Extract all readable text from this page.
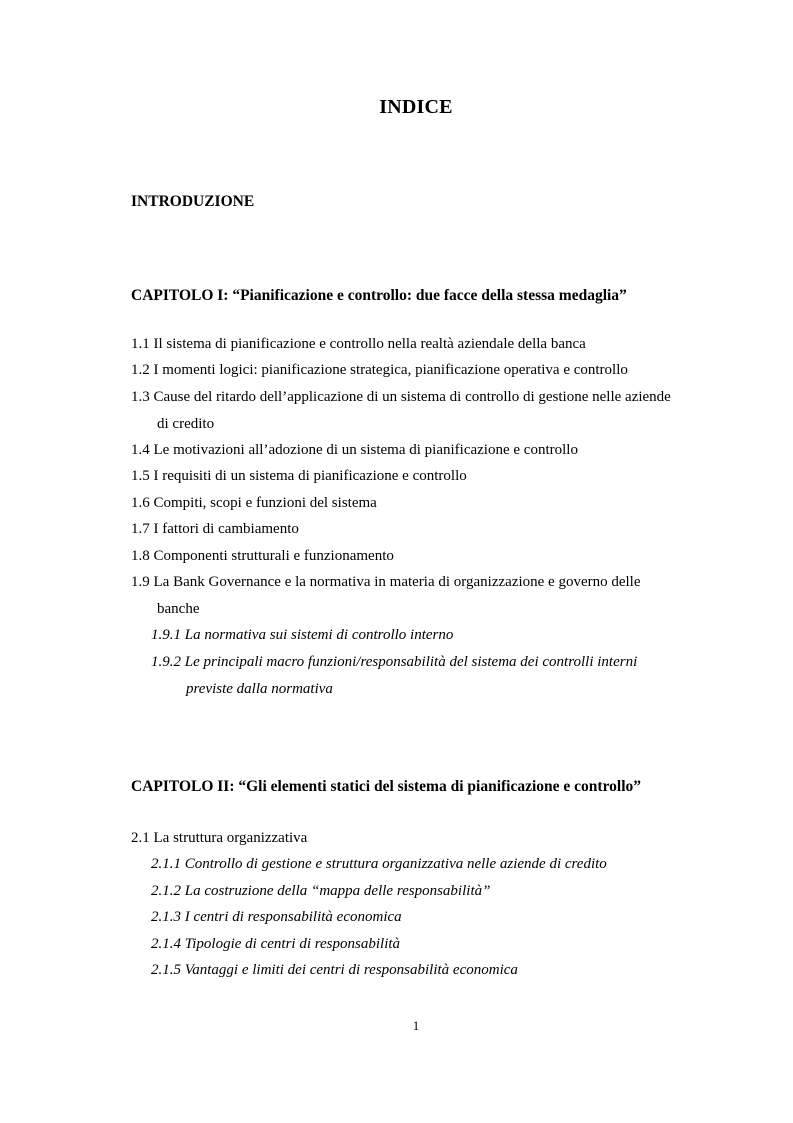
INDICE
INTRODUZIONE
CAPITOLO I: “Pianificazione e controllo: due facce della stessa medaglia”
1.1 Il sistema di pianificazione e controllo nella realtà aziendale della banca
1.2 I momenti logici: pianificazione strategica, pianificazione operativa e controllo
1.3 Cause del ritardo dell’applicazione di un sistema di controllo di gestione nelle aziende
di credito
1.4 Le motivazioni all’adozione di un sistema di pianificazione e controllo
1.5 I requisiti di un sistema di pianificazione e controllo
1.6 Compiti, scopi e funzioni del sistema
1.7 I fattori di cambiamento
1.8 Componenti strutturali e funzionamento
1.9 La Bank Governance e la normativa in materia di organizzazione e governo delle
banche
1.9.1 La normativa sui sistemi di controllo interno
1.9.2 Le principali macro funzioni/responsabilità del sistema dei controlli interni
previste dalla normativa
CAPITOLO II: “Gli elementi statici del sistema di pianificazione e controllo”
2.1 La struttura organizzativa
2.1.1 Controllo di gestione e struttura organizzativa nelle aziende di credito
2.1.2 La costruzione della “mappa delle responsabilità”
2.1.3 I centri di responsabilità economica
2.1.4 Tipologie di centri di responsabilità
2.1.5 Vantaggi e limiti dei centri di responsabilità economica
1
